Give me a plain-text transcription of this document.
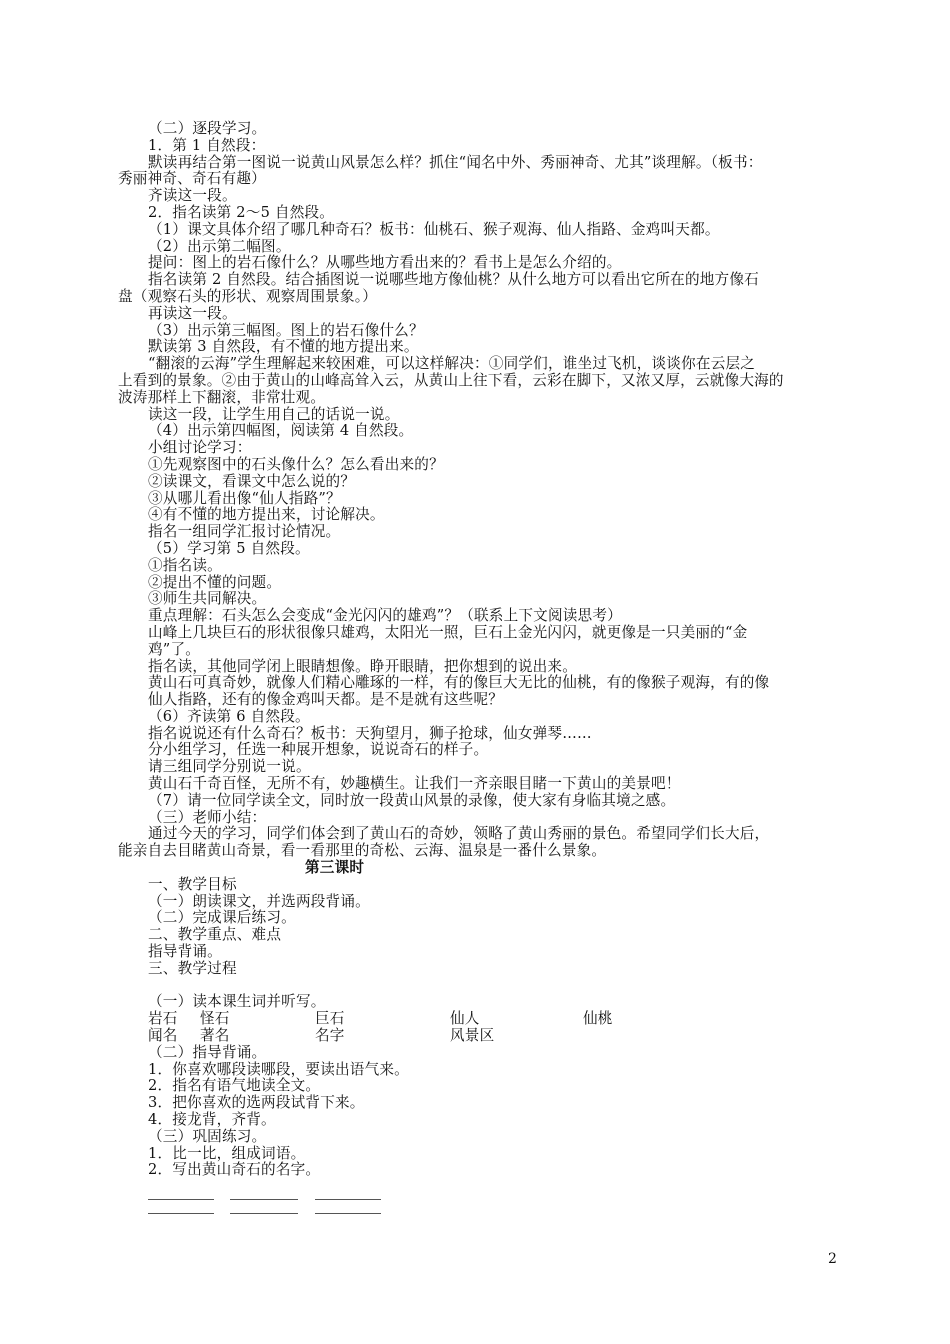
（二）逐段学习。
1．第 1 自然段：
默读再结合第一图说一说黄山风景怎么样？抓住“闻名中外、秀丽神奇、尤其”谈理解。（板书：
秀丽神奇、奇石有趣）
齐读这一段。
2．指名读第 2～5 自然段。
（1）课文具体介绍了哪几种奇石？板书：仙桃石、猴子观海、仙人指路、金鸡叫天都。
（2）出示第二幅图。
提问：图上的岩石像什么？从哪些地方看出来的？看书上是怎么介绍的。
指名读第 2 自然段。结合插图说一说哪些地方像仙桃？从什么地方可以看出它所在的地方像石
盘（观察石头的形状、观察周围景象。）
再读这一段。
（3）出示第三幅图。图上的岩石像什么？
默读第 3 自然段，有不懂的地方提出来。
“翻滚的云海”学生理解起来较困难，可以这样解决：①同学们，谁坐过飞机，谈谈你在云层之
上看到的景象。②由于黄山的山峰高耸入云，从黄山上往下看，云彩在脚下，又浓又厚，云就像大海的
波涛那样上下翻滚，非常壮观。
读这一段，让学生用自己的话说一说。
（4）出示第四幅图，阅读第 4 自然段。
小组讨论学习：
①先观察图中的石头像什么？怎么看出来的？
②读课文，看课文中怎么说的？
③从哪儿看出像“仙人指路”？
④有不懂的地方提出来，讨论解决。
指名一组同学汇报讨论情况。
（5）学习第 5 自然段。
①指名读。
②提出不懂的问题。
③师生共同解决。
重点理解：石头怎么会变成“金光闪闪的雄鸡”？（联系上下文阅读思考）
山峰上几块巨石的形状很像只雄鸡，太阳光一照，巨石上金光闪闪，就更像是一只美丽的“金
鸡”了。
指名读，其他同学闭上眼睛想像。睁开眼睛，把你想到的说出来。
黄山石可真奇妙，就像人们精心雕琢的一样，有的像巨大无比的仙桃，有的像猴子观海，有的像
仙人指路，还有的像金鸡叫天都。是不是就有这些呢？
（6）齐读第 6 自然段。
指名说说还有什么奇石？板书：天狗望月，狮子抢球，仙女弹琴……
分小组学习，任选一种展开想象，说说奇石的样子。
请三组同学分别说一说。
黄山石千奇百怪，无所不有，妙趣横生。让我们一齐亲眼目睹一下黄山的美景吧！
（7）请一位同学读全文，同时放一段黄山风景的录像，使大家有身临其境之感。
（三）老师小结：
通过今天的学习，同学们体会到了黄山石的奇妙，领略了黄山秀丽的景色。希望同学们长大后，
能亲自去目睹黄山奇景，看一看那里的奇松、云海、温泉是一番什么景象。
第三课时
一、教学目标
（一）朗读课文，并选两段背诵。
（二）完成课后练习。
二、教学重点、难点
指导背诵。
三、教学过程
（一）读本课生词并听写。
岩石 怪石	巨石	仙人	仙桃
闻名 著名	名字	风景区
（二）指导背诵。
1．你喜欢哪段读哪段，要读出语气来。
2．指名有语气地读全文。
3．把你喜欢的选两段试背下来。
4．接龙背，齐背。
（三）巩固练习。
1．比一比，组成词语。
2．写出黄山奇石的名字。
2
